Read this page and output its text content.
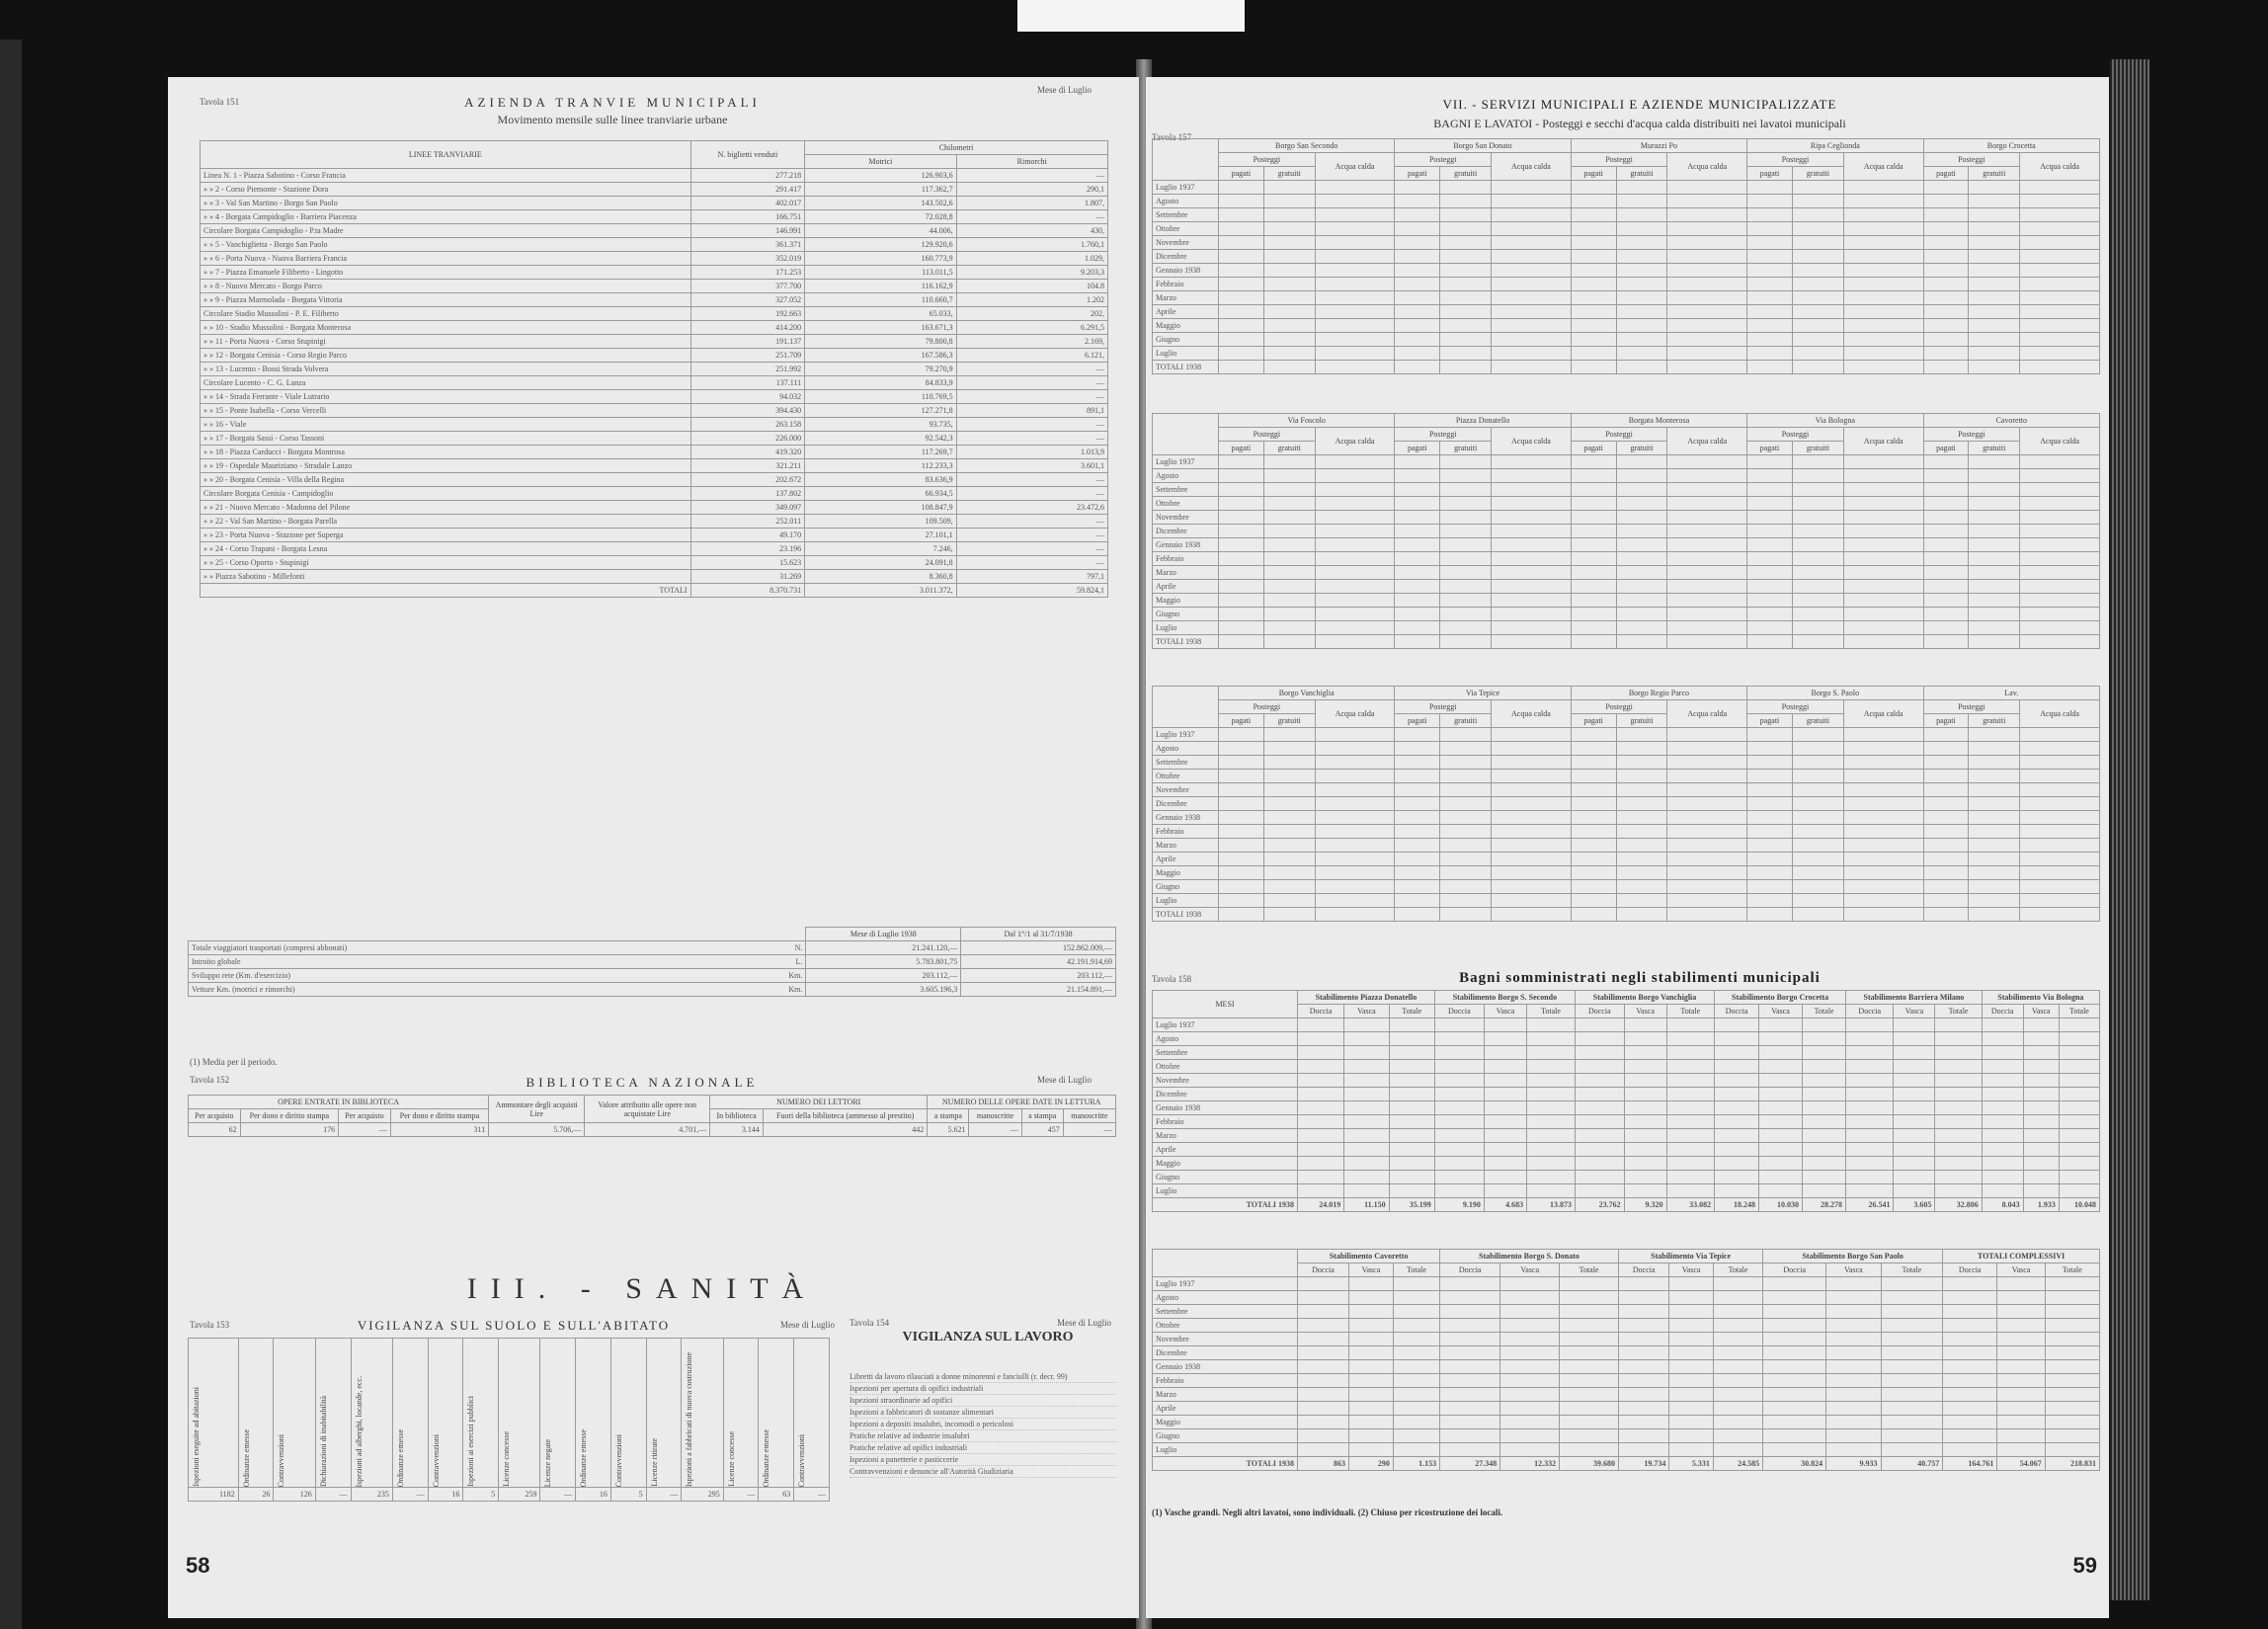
Tavola 151
Mese di Luglio
AZIENDA TRANVIE MUNICIPALI
Movimento mensile sulle linee tranviarie urbane
LINEE TRANVIARIE	N. biglietti venduti	Chilometri	
		Motrici	Rimorchi
Linea N. 1 - Piazza Sabotino - Corso Francia	277.218	126.903,6	—
» » 2 - Corso Piemonte - Stazione Dora	291.417	117.362,7	290,1
» » 3 - Val San Martino - Borgo San Paolo	402.017	143.502,6	1.807,
» » 4 - Borgata Campidoglio - Barriera Piacenza	166.751	72.028,8	—
Circolare Borgata Campidoglio - P.ta Madre	146.991	44.006,	430,
» » 5 - Vanchiglietta - Borgo San Paolo	361.371	129.920,6	1.760,1
» » 6 - Porta Nuova - Nuova Barriera Francia	352.019	160.773,9	1.029,
» » 7 - Piazza Emanuele Filiberto - Lingotto	171.253	113.011,5	9.203,3
» » 8 - Nuovo Mercato - Borgo Parco	377.700	116.162,9	104.8
» » 9 - Piazza Marmolada - Borgata Vittoria	327.052	110.660,7	1.202
Circolare Stadio Mussolini - P. E. Filiberto	192.663	65.033,	202,
» » 10 - Stadio Mussolini - Borgata Monterosa	414.200	163.671,3	6.291,5
» » 11 - Porta Nuova - Corso Stupinigi	191.137	79.800,8	2.169,
» » 12 - Borgata Cenisia - Corso Regio Parco	251.709	167.586,3	6.121,
» » 13 - Lucento - Bossi Strada Volvera	251.992	79.270,9	—
Circolare Lucento - C. G. Lanza	137.111	84.833,9	—
» » 14 - Strada Ferrante - Viale Lutrario	94.032	110.769,5	—
» » 15 - Ponte Isabella - Corso Vercelli	394.430	127.271,8	891,1
» » 16 - Viale	263.158	93.735,	—
» » 17 - Borgata Sassi - Corso Tassoni	226.000	92.542,3	—
» » 18 - Piazza Carducci - Borgata Montrosa	419.320	117.269,7	1.013,9
» » 19 - Ospedale Mauriziano - Stradale Lanzo	321.211	112.233,3	3.601,1
» » 20 - Borgata Cenisia - Villa della Regina	202.672	83.636,9	—
Circolare Borgata Cenisia - Campidoglio	137.802	66.934,5	—
» » 21 - Nuovo Mercato - Madonna del Pilone	349.097	108.847,9	23.472,6
» » 22 - Val San Martino - Borgata Parella	252.011	109.509,	—
» » 23 - Porta Nuova - Stazione per Superga	49.170	27.101,1	—
» » 24 - Corso Trapani - Borgata Lesna	23.196	7.246,	—
» » 25 - Corso Oporto - Stupinigi	15.623	24.091,8	—
» » Piazza Sabotino - Millefonti	31.269	8.360,8	797,1
TOTALI	8.370.731	3.011.372,	59.824,1
	Mese di Luglio 1938	Dal 1°/1 al 31/7/1938
Totale viaggiatori trasportati (compresi abbonati) N.	21.241.120,—	152.862.009,—
Introito globale L.	5.783.801,75	42.191.914,69
Sviluppo rete (Km. d'esercizio) Km.	203.112,—	203.112,—
Vetture Km. (motrici e rimorchi) Km.	3.605.196,3	21.154.891,—
(1) Media per il periodo.
Tavola 152	BIBLIOTECA NAZIONALE	Mese di Luglio
OPERE ENTRATE IN BIBLIOTECA				Ammontare degli acquisti Lire	Valore attribuito alle opere non acquistate Lire	NUMERO DEI LETTORI		NUMERO DELLE OPERE DATE IN LETTURA			
Per acquisto	Per dono e diritto stampa	Per acquisto	Per dono e diritto stampa			In biblioteca	Fuori della biblioteca (ammesso al prestito)	a stampa	manoscritte	a stampa	manoscritte
62	176	—	311	5.706,—	4.701,—	3.144	442	5.621	—	457	—
III. - SANITÀ
Tavola 153	VIGILANZA SUL SUOLO E SULL'ABITATO	Mese di Luglio
Ispezioni eseguite ad abitazioni	Ordinanze emesse	Contravvenzioni	Dichiarazioni di inabitabilità	Ispezioni ad alberghi, locande, ecc.	Ordinanze emesse	Contravvenzioni	Ispezioni ai esercizi pubblici	Licenze concesse	Licenze negate	Ordinanze emesse	Contravvenzioni	Licenze ritirate	Ispezioni a fabbricati di nuova costruzione	Licenze concesse	Ordinanze emesse	Contravvenzioni

1182	26	126	—	235	—	16	5	259	—	16	5	—	295	—	63	—
Tavola 154	Mese di Luglio
VIGILANZA SUL LAVORO
Libretti da lavoro rilasciati a donne minorenni e fanciulli (r. decr. 99)
Ispezioni per apertura di opifici industriali
Ispezioni straordinarie ad opifici
Ispezioni a fabbricatori di sostanze alimentari
Ispezioni a depositi insalubri, incomodi o pericolosi
Pratiche relative ad industrie insalubri
Pratiche relative ad opifici industriali
Ispezioni a panetterie e pasticcerie
Contravvenzioni e denuncie all'Autorità Giudiziaria
58
VII. - SERVIZI MUNICIPALI E AZIENDE MUNICIPALIZZATE
BAGNI E LAVATOI - Posteggi e secchi d'acqua calda distribuiti nei lavatoi municipali
Tavola 157
	Borgo San Secondo			Borgo San Donato			Murazzi Po			Ripa Ceglionda			Borgo Crocetta		
	Posteggi		Acqua calda	Posteggi		Acqua calda	Posteggi		Acqua calda	Posteggi		Acqua calda	Posteggi		Acqua calda
	pagati	gratuiti		pagati	gratuiti		pagati	gratuiti		pagati	gratuiti		pagati	gratuiti	
Luglio 1937															
Agosto															
Settembre															
Ottobre															
Novembre															
Dicembre															
Gennaio 1938															
Febbraio															
Marzo															
Aprile															
Maggio															
Giugno															
Luglio															
TOTALI 1938															
	Via Foscolo			Piazza Donatello			Borgata Monterosa			Via Bologna			Cavoretto		
	Posteggi		Acqua calda	Posteggi		Acqua calda	Posteggi		Acqua calda	Posteggi		Acqua calda	Posteggi		Acqua calda
	pagati	gratuiti		pagati	gratuiti		pagati	gratuiti		pagati	gratuiti		pagati	gratuiti	
Luglio 1937															
Agosto															
Settembre															
Ottobre															
Novembre															
Dicembre															
Gennaio 1938															
Febbraio															
Marzo															
Aprile															
Maggio															
Giugno															
Luglio															
TOTALI 1938															
	Borgo Vanchiglia			Via Tepice			Borgo Regio Parco			Borgo S. Paolo			Lav.		
	Posteggi		Acqua calda	Posteggi		Acqua calda	Posteggi		Acqua calda	Posteggi		Acqua calda	Posteggi		Acqua calda
	pagati	gratuiti		pagati	gratuiti		pagati	gratuiti		pagati	gratuiti		pagati	gratuiti	
Luglio 1937															
Agosto															
Settembre															
Ottobre															
Novembre															
Dicembre															
Gennaio 1938															
Febbraio															
Marzo															
Aprile															
Maggio															
Giugno															
Luglio															
TOTALI 1938															
Tavola 158	Bagni somministrati negli stabilimenti municipali
MESI	Stabilimento Piazza Donatello			Stabilimento Borgo S. Secondo			Stabilimento Borgo Vanchiglia			Stabilimento Borgo Crocetta			Stabilimento Barriera Milano			Stabilimento Via Bologna		
	Doccia	Vasca	Totale	Doccia	Vasca	Totale	Doccia	Vasca	Totale	Doccia	Vasca	Totale	Doccia	Vasca	Totale	Doccia	Vasca	Totale
Luglio 1937																		
Agosto																		
Settembre																		
Ottobre																		
Novembre																		
Dicembre																		
Gennaio 1938																		
Febbraio																		
Marzo																		
Aprile																		
Maggio																		
Giugno																		
Luglio																		
TOTALI 1938	24.019	11.150	35.199	9.190	4.683	13.873	23.762	9.320	33.082	18.248	10.030	28.278	26.541	3.605	32.806	8.043	1.933	10.048
	Stabilimento Cavoretto			Stabilimento Borgo S. Donato			Stabilimento Via Tepice			Stabilimento Borgo San Paolo			TOTALI COMPLESSIVI		
	Doccia	Vasca	Totale	Doccia	Vasca	Totale	Doccia	Vasca	Totale	Doccia	Vasca	Totale	Doccia	Vasca	Totale
Luglio 1937															
Agosto															
Settembre															
Ottobre															
Novembre															
Dicembre															
Gennaio 1938															
Febbraio															
Marzo															
Aprile															
Maggio															
Giugno															
Luglio															
TOTALI 1938	863	290	1.153	27.348	12.332	39.680	19.734	5.331	24.585	30.824	9.933	40.757	164.761	54.067	218.831
(1) Vasche grandi. Negli altri lavatoi, sono individuali. (2) Chiuso per ricostruzione dei locali.
59
